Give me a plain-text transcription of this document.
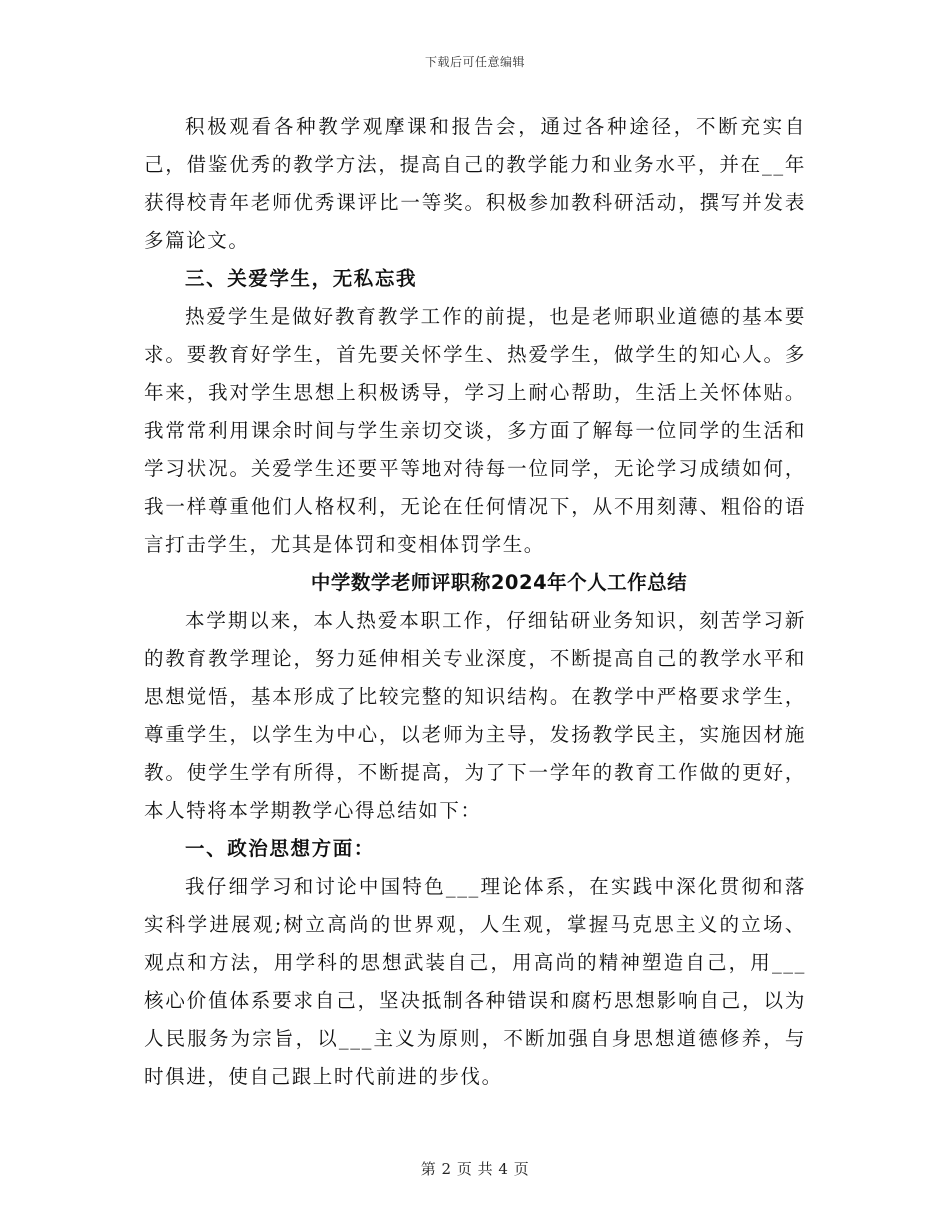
下载后可任意编辑

积极观看各种教学观摩课和报告会，通过各种途径，不断充实自己，借鉴优秀的教学方法，提高自己的教学能力和业务水平，并在__年获得校青年老师优秀课评比一等奖。积极参加教科研活动，撰写并发表多篇论文。

三、关爱学生，无私忘我

热爱学生是做好教育教学工作的前提，也是老师职业道德的基本要求。要教育好学生，首先要关怀学生、热爱学生，做学生的知心人。多年来，我对学生思想上积极诱导，学习上耐心帮助，生活上关怀体贴。我常常利用课余时间与学生亲切交谈，多方面了解每一位同学的生活和学习状况。关爱学生还要平等地对待每一位同学，无论学习成绩如何，我一样尊重他们人格权利，无论在任何情况下，从不用刻薄、粗俗的语言打击学生，尤其是体罚和变相体罚学生。

中学数学老师评职称2024年个人工作总结

本学期以来，本人热爱本职工作，仔细钻研业务知识，刻苦学习新的教育教学理论，努力延伸相关专业深度，不断提高自己的教学水平和思想觉悟，基本形成了比较完整的知识结构。在教学中严格要求学生，尊重学生，以学生为中心，以老师为主导，发扬教学民主，实施因材施教。使学生学有所得，不断提高，为了下一学年的教育工作做的更好，本人特将本学期教学心得总结如下：

一、政治思想方面：

我仔细学习和讨论中国特色___理论体系，在实践中深化贯彻和落实科学进展观;树立高尚的世界观，人生观，掌握马克思主义的立场、观点和方法，用学科的思想武装自己，用高尚的精神塑造自己，用___核心价值体系要求自己，坚决抵制各种错误和腐朽思想影响自己，以为人民服务为宗旨，以___主义为原则，不断加强自身思想道德修养，与时俱进，使自己跟上时代前进的步伐。

第 2 页 共 4 页
